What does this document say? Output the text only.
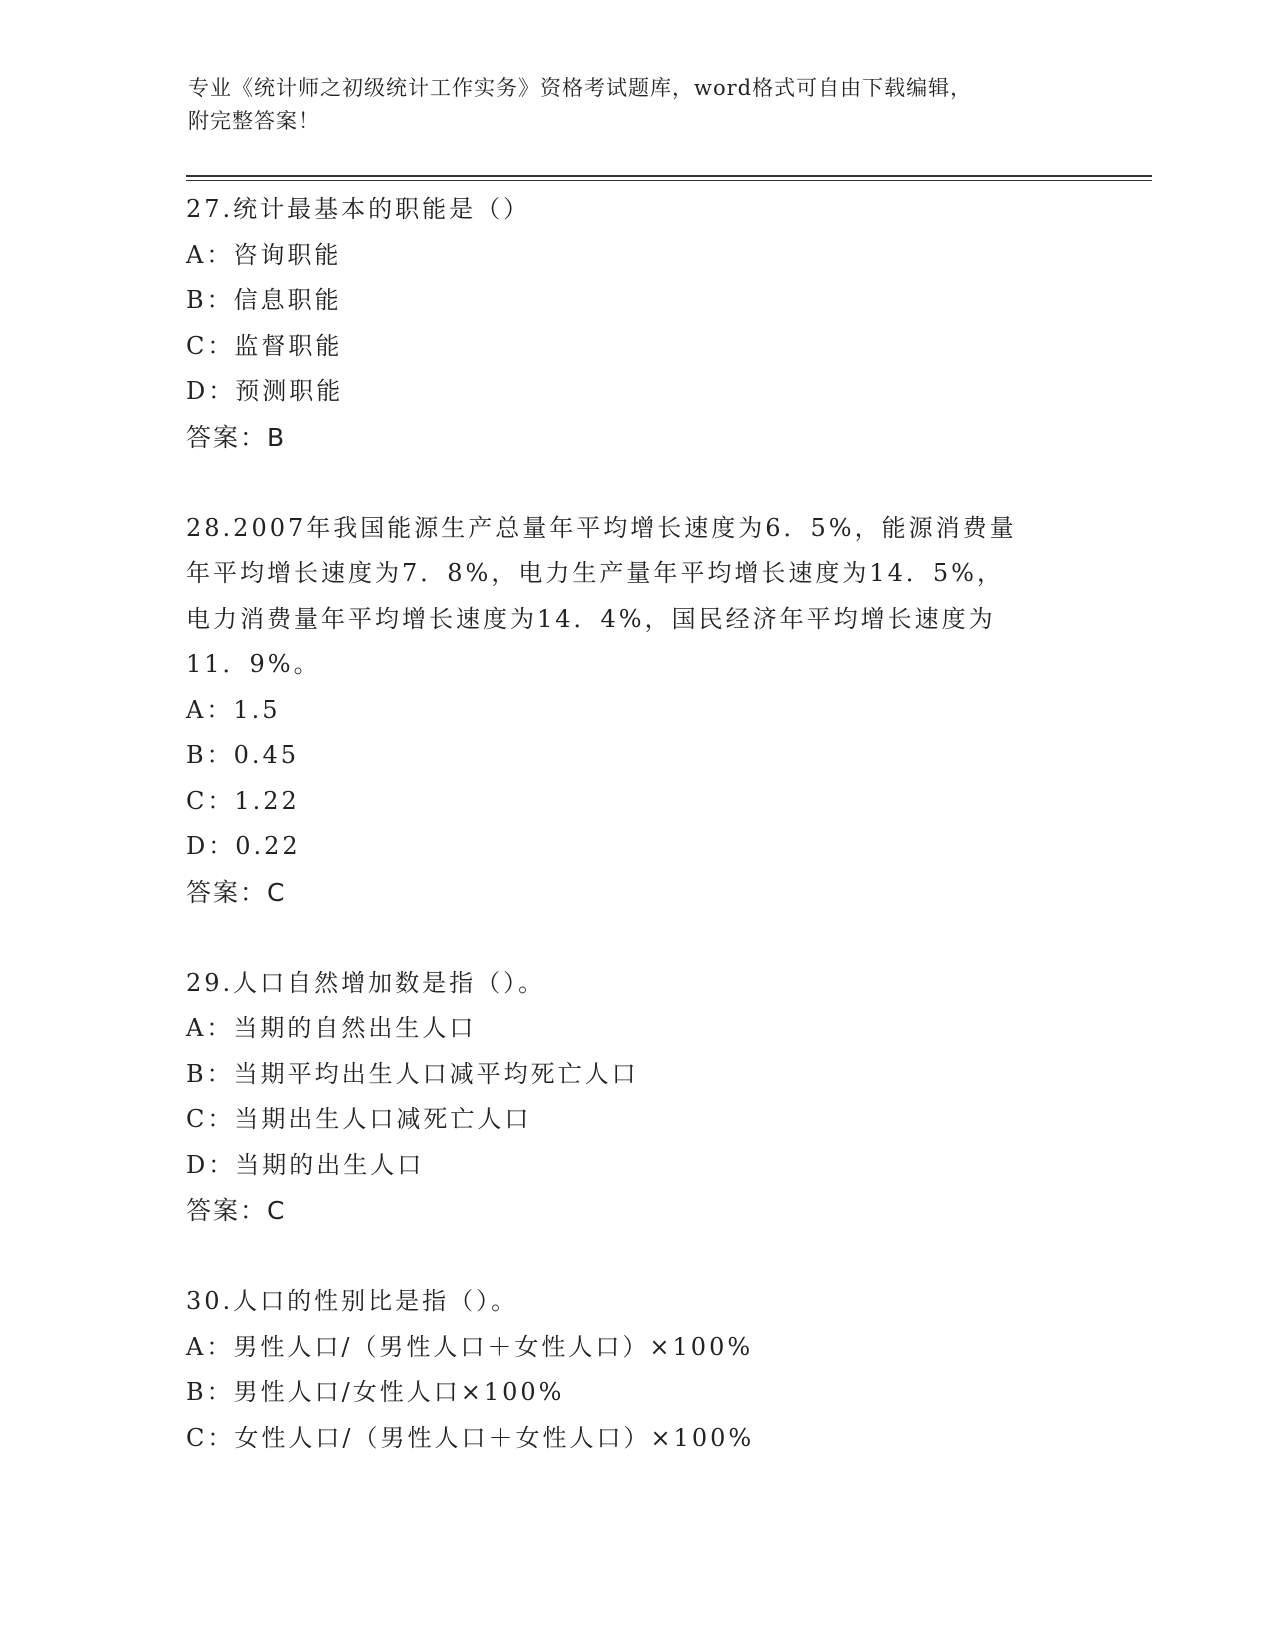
专业《统计师之初级统计工作实务》资格考试题库，word格式可自由下载编辑，
附完整答案！
27.统计最基本的职能是（）
A：咨询职能
B：信息职能
C：监督职能
D：预测职能
答案：B
28.2007年我国能源生产总量年平均增长速度为6．5%，能源消费量
年平均增长速度为7．8%，电力生产量年平均增长速度为14．5%，
电力消费量年平均增长速度为14．4%，国民经济年平均增长速度为
11．9%。
A：1.5
B：0.45
C：1.22
D：0.22
答案：C
29.人口自然增加数是指（）。
A：当期的自然出生人口
B：当期平均出生人口减平均死亡人口
C：当期出生人口减死亡人口
D：当期的出生人口
答案：C
30.人口的性别比是指（）。
A：男性人口/（男性人口＋女性人口）×100%
B：男性人口/女性人口×100%
C：女性人口/（男性人口＋女性人口）×100%
